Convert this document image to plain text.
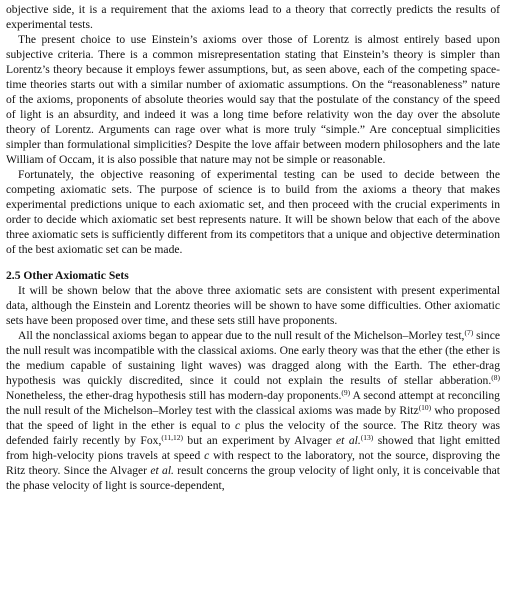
objective side, it is a requirement that the axioms lead to a theory that correctly predicts the results of experimental tests.

The present choice to use Einstein’s axioms over those of Lorentz is almost entirely based upon subjective criteria. There is a common misrepresentation stating that Einstein’s theory is simpler than Lorentz’s theory because it employs fewer assumptions, but, as seen above, each of the competing space-time theories starts out with a similar number of axiomatic assumptions. On the “reasonableness” nature of the axioms, proponents of absolute theories would say that the postulate of the constancy of the speed of light is an absurdity, and indeed it was a long time before relativity won the day over the absolute theory of Lorentz. Arguments can rage over what is more truly “simple.” Are conceptual simplicities simpler than formulational simplicities? Despite the love affair between modern philosophers and the late William of Occam, it is also possible that nature may not be simple or reasonable.

Fortunately, the objective reasoning of experimental testing can be used to decide between the competing axiomatic sets. The purpose of science is to build from the axioms a theory that makes experimental predictions unique to each axiomatic set, and then proceed with the crucial experiments in order to decide which axiomatic set best represents nature. It will be shown below that each of the above three axiomatic sets is sufficiently different from its competitors that a unique and objective determination of the best axiomatic set can be made.

2.5 Other Axiomatic Sets

It will be shown below that the above three axiomatic sets are consistent with present experimental data, although the Einstein and Lorentz theories will be shown to have some difficulties. Other axiomatic sets have been proposed over time, and these sets still have proponents.

All the nonclassical axioms began to appear due to the null result of the Michelson–Morley test,$^{(7)}$ since the null result was incompatible with the classical axioms. One early theory was that the ether (the ether is the medium capable of sustaining light waves) was dragged along with the Earth. The ether-drag hypothesis was quickly discredited, since it could not explain the results of stellar abberation.$^{(8)}$ Nonetheless, the ether-drag hypothesis still has modern-day proponents.$^{(9)}$ A second attempt at reconciling the null result of the Michelson–Morley test with the classical axioms was made by Ritz$^{(10)}$ who proposed that the speed of light in the ether is equal to c plus the velocity of the source. The Ritz theory was defended fairly recently by Fox,$^{(11,12)}$ but an experiment by Alvager et al.$^{(13)}$ showed that light emitted from high-velocity pions travels at speed c with respect to the laboratory, not the source, disproving the Ritz theory. Since the Alvager et al. result concerns the group velocity of light only, it is conceivable that the phase velocity of light is source-dependent,
